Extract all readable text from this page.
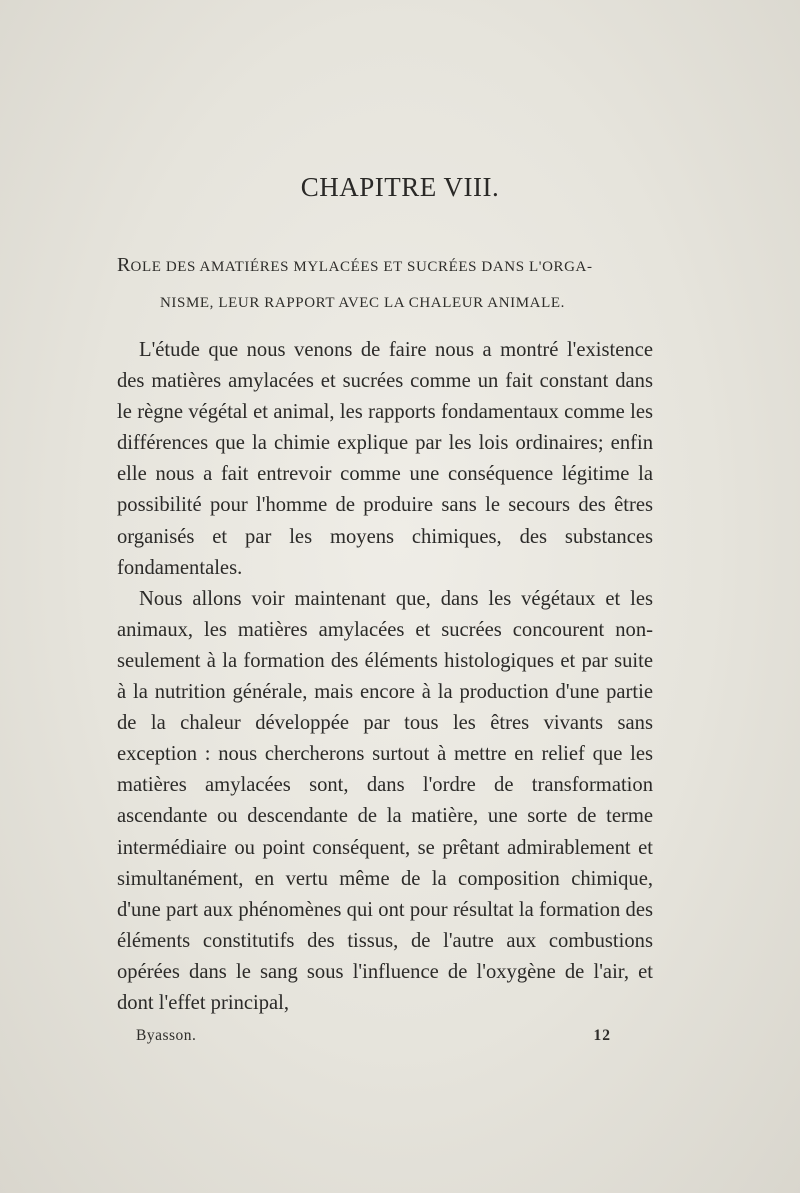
CHAPITRE VIII.
ROLE DES AMATIÉRES MYLACÉES ET SUCRÉES DANS L'ORGA-
NISME, LEUR RAPPORT AVEC LA CHALEUR ANIMALE.

L'étude que nous venons de faire nous a montré l'existence des matières amylacées et sucrées comme un fait constant dans le règne végétal et animal, les rapports fondamentaux comme les différences que la chimie explique par les lois ordinaires; enfin elle nous a fait entrevoir comme une conséquence légitime la possibilité pour l'homme de produire sans le secours des êtres organisés et par les moyens chimiques, des substances fondamentales.

Nous allons voir maintenant que, dans les végétaux et les animaux, les matières amylacées et sucrées concourent non-seulement à la formation des éléments histologiques et par suite à la nutrition générale, mais encore à la production d'une partie de la chaleur développée par tous les êtres vivants sans exception : nous chercherons surtout à mettre en relief que les matières amylacées sont, dans l'ordre de transformation ascendante ou descendante de la matière, une sorte de terme intermédiaire ou point conséquent, se prêtant admirablement et simultanément, en vertu même de la composition chimique, d'une part aux phénomènes qui ont pour résultat la formation des éléments constitutifs des tissus, de l'autre aux combustions opérées dans le sang sous l'influence de l'oxygène de l'air, et dont l'effet principal,

Byasson.	12
